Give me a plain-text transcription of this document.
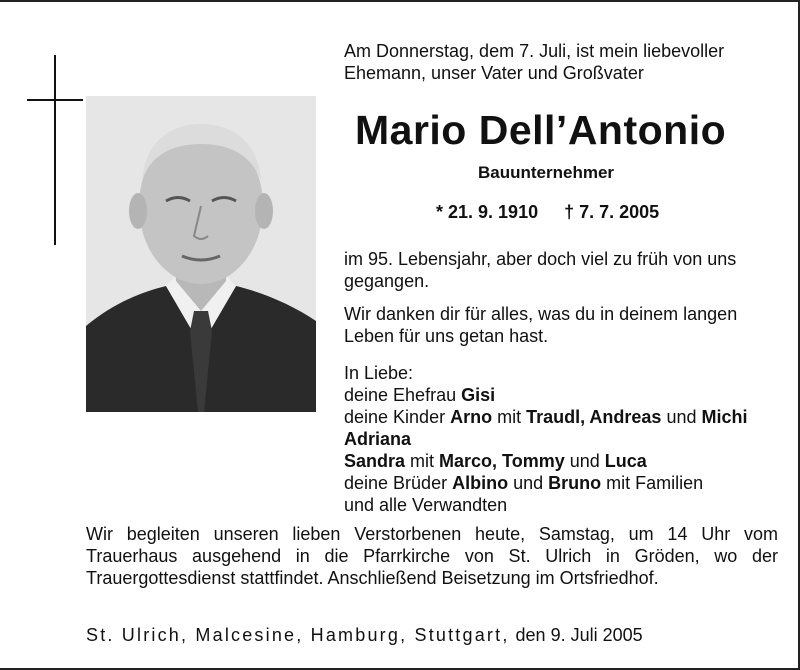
Am Donnerstag, dem 7. Juli, ist mein liebevoller Ehemann, unser Vater und Großvater
Mario Dell’Antonio
Bauunternehmer
* 21. 9. 1910 † 7. 7. 2005
im 95. Lebensjahr, aber doch viel zu früh von uns gegangen.
Wir danken dir für alles, was du in deinem langen Leben für uns getan hast.
In Liebe:
deine Ehefrau Gisi
deine Kinder Arno mit Traudl, Andreas und Michi
Adriana
Sandra mit Marco, Tommy und Luca
deine Brüder Albino und Bruno mit Familien
und alle Verwandten
Wir begleiten unseren lieben Verstorbenen heute, Samstag, um 14 Uhr vom Trauerhaus ausgehend in die Pfarrkirche von St. Ulrich in Gröden, wo der Trauergottesdienst stattfindet. Anschließend Beisetzung im Ortsfriedhof.
St. Ulrich, Malcesine, Hamburg, Stuttgart, den 9. Juli 2005
